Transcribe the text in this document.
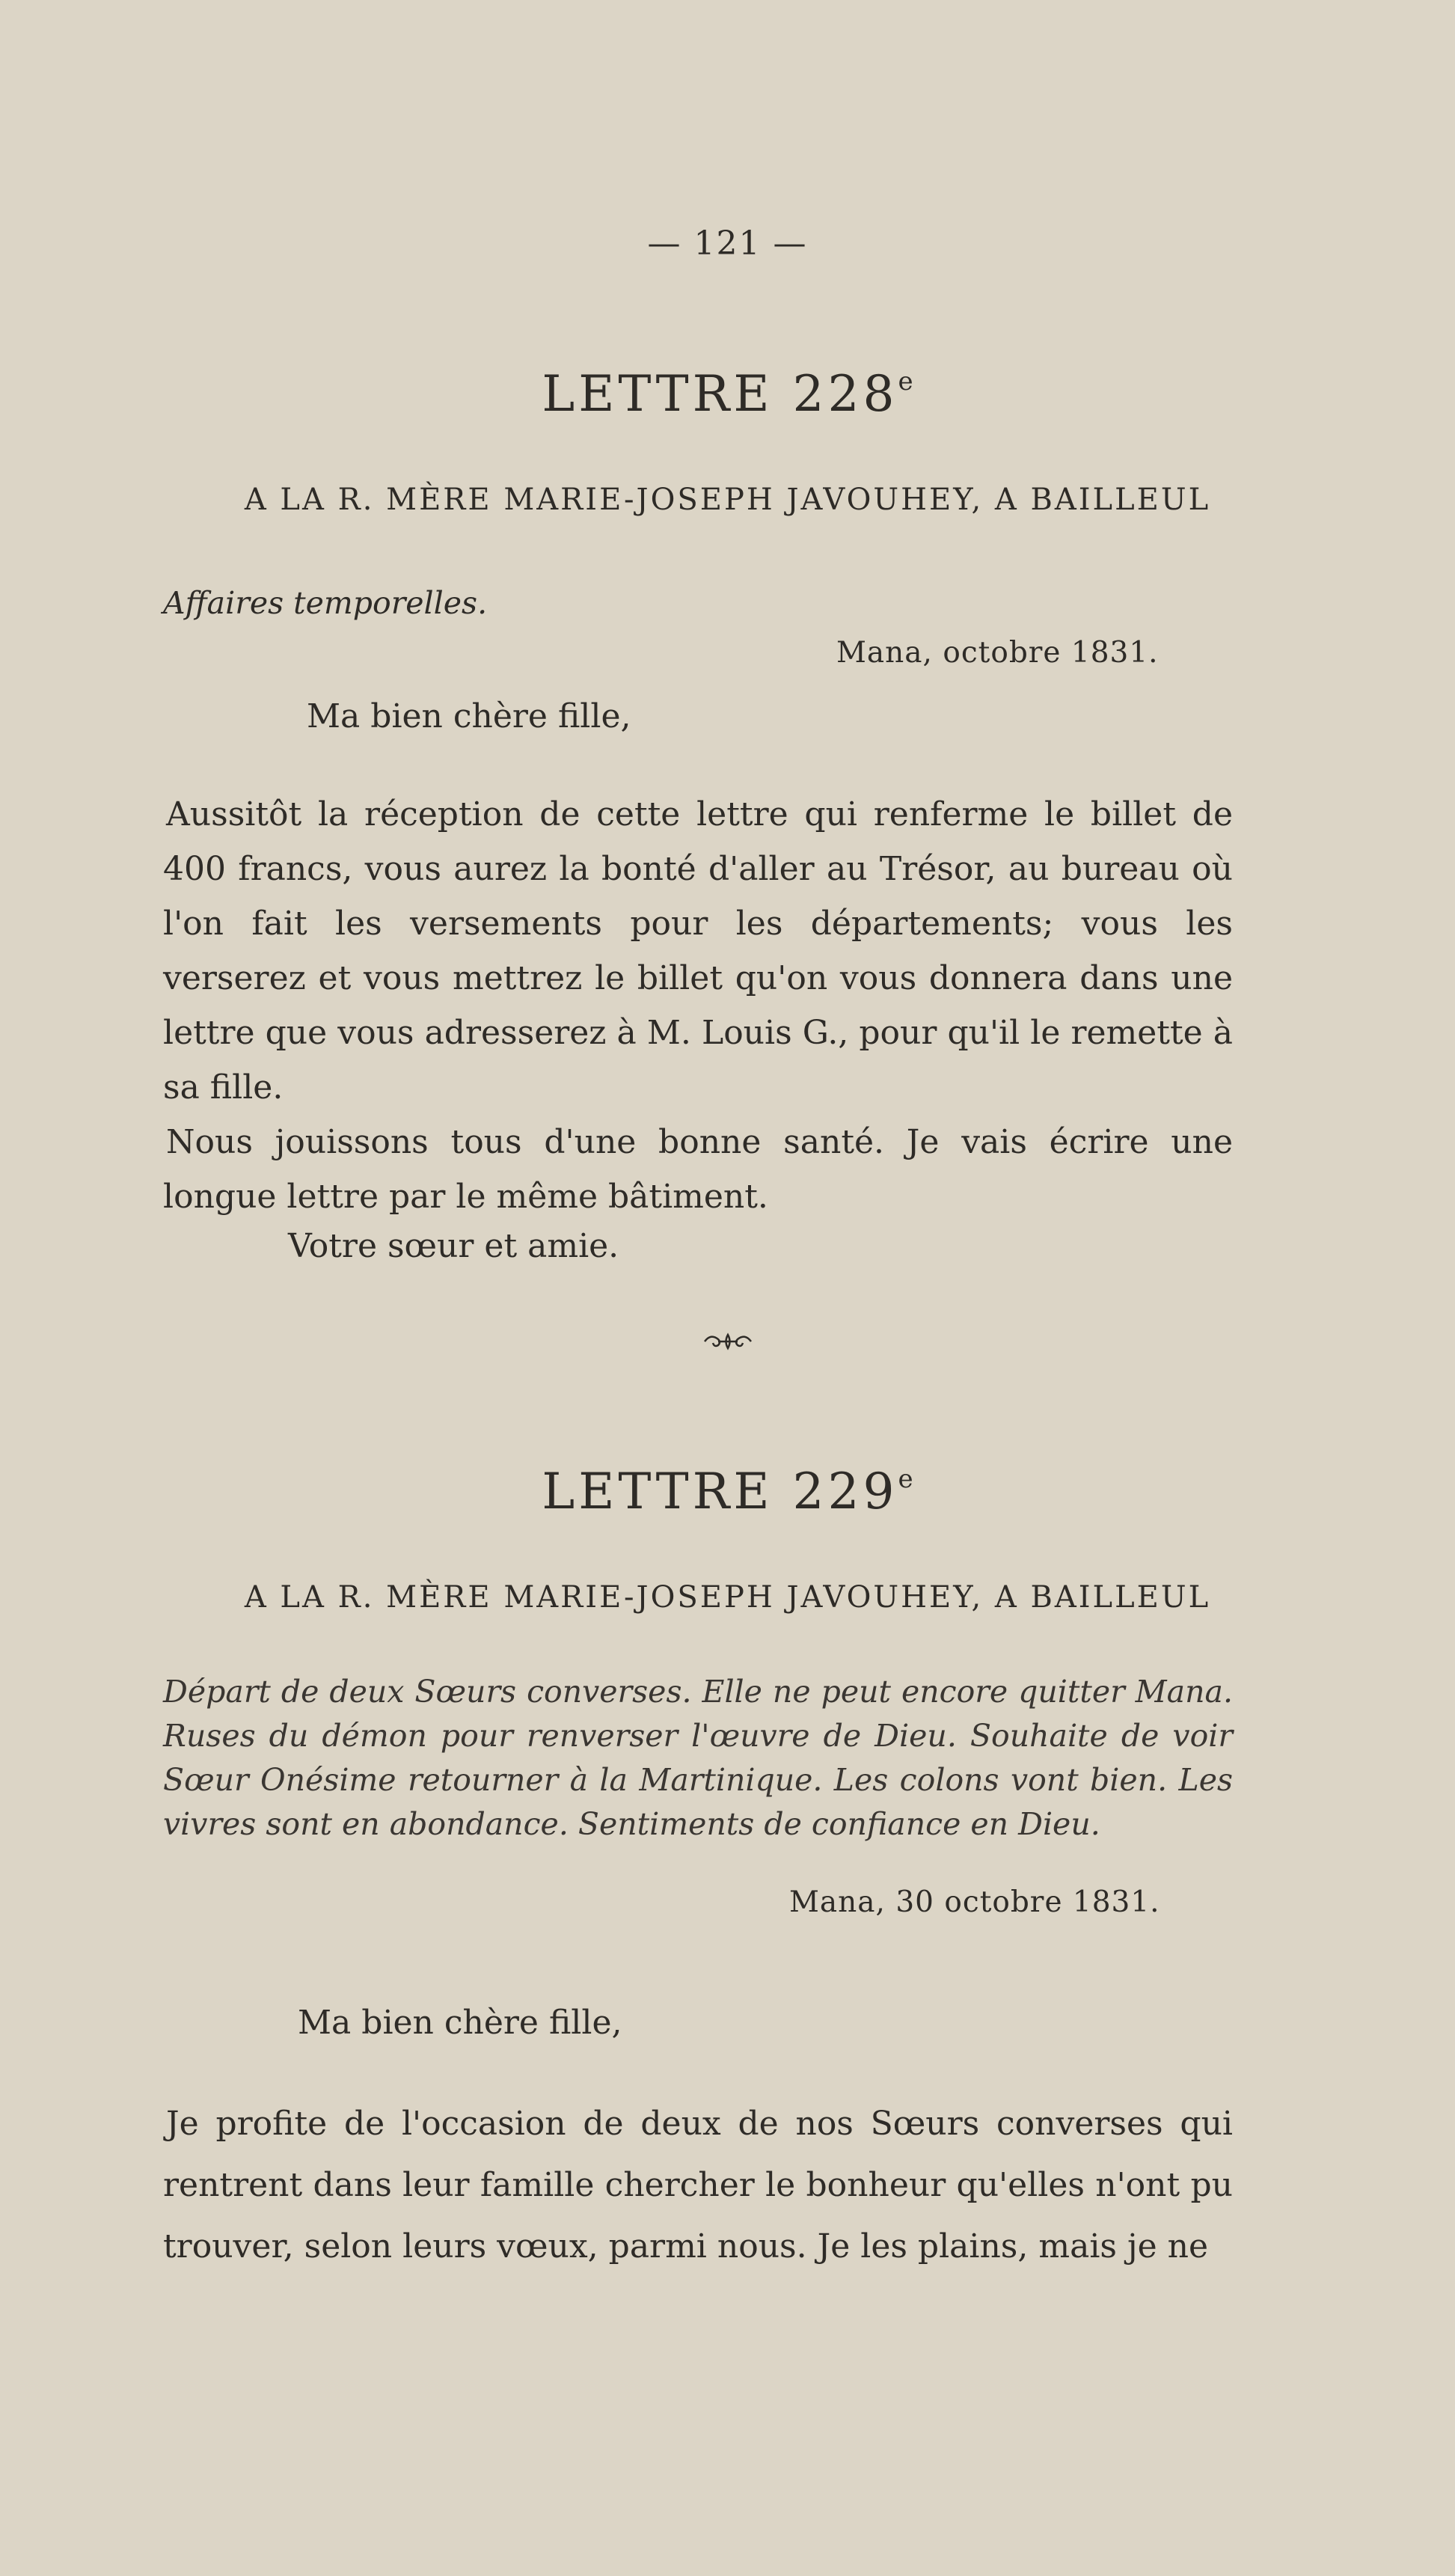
— 121 —
LETTRE 228e
A LA R. MÈRE MARIE-JOSEPH JAVOUHEY, A BAILLEUL
Affaires temporelles.
Mana, octobre 1831.
Ma bien chère fille,

Aussitôt la réception de cette lettre qui renferme le billet de 400 francs, vous aurez la bonté d'aller au Trésor, au bureau où l'on fait les versements pour les départements; vous les verserez et vous mettrez le billet qu'on vous donnera dans une lettre que vous adresserez à M. Louis G., pour qu'il le remette à sa fille.

Nous jouissons tous d'une bonne santé. Je vais écrire une longue lettre par le même bâtiment.

Votre sœur et amie.
LETTRE 229e
A LA R. MÈRE MARIE-JOSEPH JAVOUHEY, A BAILLEUL

Départ de deux Sœurs converses. Elle ne peut encore quitter Mana. Ruses du démon pour renverser l'œuvre de Dieu. Souhaite de voir Sœur Onésime retourner à la Martinique. Les colons vont bien. Les vivres sont en abondance. Sentiments de confiance en Dieu.

Mana, 30 octobre 1831.
Ma bien chère fille,

Je profite de l'occasion de deux de nos Sœurs converses qui rentrent dans leur famille chercher le bonheur qu'elles n'ont pu trouver, selon leurs vœux, parmi nous. Je les plains, mais je ne
